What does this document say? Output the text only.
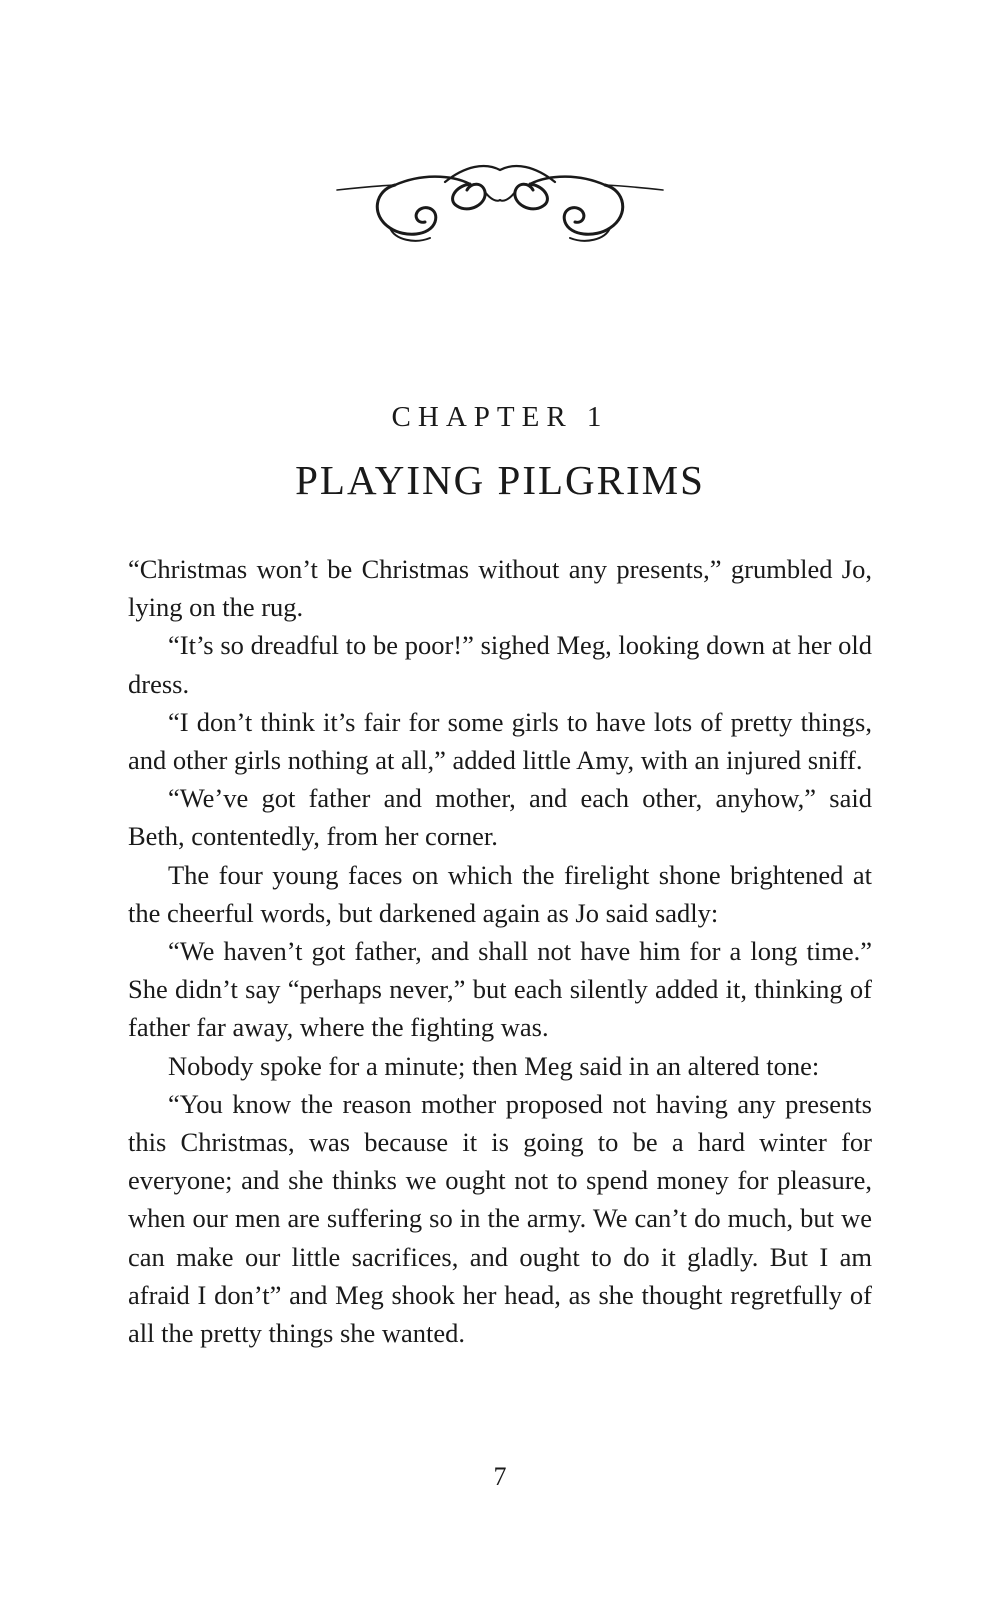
CHAPTER 1
PLAYING PILGRIMS

“Christmas won’t be Christmas without any presents,” grumbled Jo, lying on the rug.

“It’s so dreadful to be poor!” sighed Meg, looking down at her old dress.

“I don’t think it’s fair for some girls to have lots of pretty things, and other girls nothing at all,” added little Amy, with an injured sniff.

“We’ve got father and mother, and each other, anyhow,” said Beth, contentedly, from her corner.

The four young faces on which the firelight shone brightened at the cheerful words, but darkened again as Jo said sadly:

“We haven’t got father, and shall not have him for a long time.” She didn’t say “perhaps never,” but each silently added it, thinking of father far away, where the fighting was.

Nobody spoke for a minute; then Meg said in an altered tone:

“You know the reason mother proposed not having any presents this Christmas, was because it is going to be a hard winter for everyone; and she thinks we ought not to spend money for pleasure, when our men are suffering so in the army. We can’t do much, but we can make our little sacrifices, and ought to do it gladly. But I am afraid I don’t” and Meg shook her head, as she thought regretfully of all the pretty things she wanted.

7
